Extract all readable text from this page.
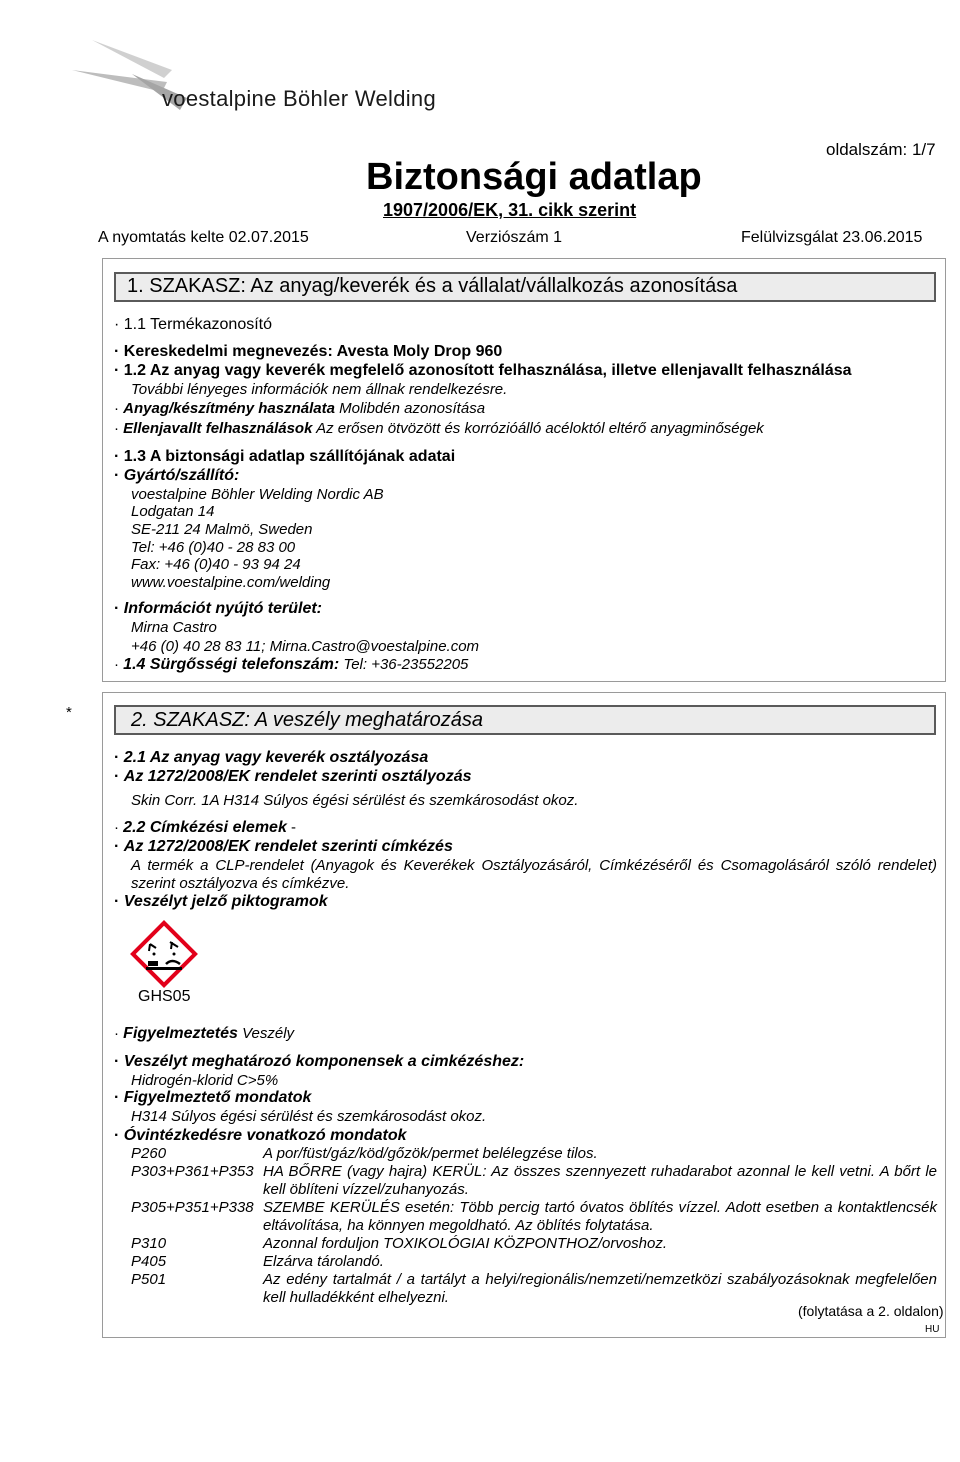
voestalpine Böhler Welding
Biztonsági adatlap
1907/2006/EK, 31. cikk szerint
oldalszám: 1/7
A nyomtatás kelte 02.07.2015	Verziószám 1	Felülvizsgálat 23.06.2015
1. SZAKASZ: Az anyag/keverék és a vállalat/vállalkozás azonosítása
· 1.1 Termékazonosító
· Kereskedelmi megnevezés: Avesta Moly Drop 960
· 1.2 Az anyag vagy keverék megfelelő azonosított felhasználása, illetve ellenjavallt felhasználása
További lényeges információk nem állnak rendelkezésre.
· Anyag/készítmény használata Molibdén azonosítása
· Ellenjavallt felhasználások Az erősen ötvözött és korrózióálló acéloktól eltérő anyagminőségek
· 1.3 A biztonsági adatlap szállítójának adatai
· Gyártó/szállító:
voestalpine Böhler Welding Nordic AB
Lodgatan 14
SE-211 24 Malmö, Sweden
Tel: +46 (0)40 - 28 83 00
Fax: +46 (0)40 - 93 94 24
www.voestalpine.com/welding
· Információt nyújtó terület:
Mirna Castro
+46 (0) 40 28 83 11; Mirna.Castro@voestalpine.com
· 1.4 Sürgősségi telefonszám: Tel: +36-23552205
*	2. SZAKASZ: A veszély meghatározása
· 2.1 Az anyag vagy keverék osztályozása
· Az 1272/2008/EK rendelet szerinti osztályozás
Skin Corr. 1A H314 Súlyos égési sérülést és szemkárosodást okoz.
· 2.2 Címkézési elemek -
· Az 1272/2008/EK rendelet szerinti címkézés
A termék a CLP-rendelet (Anyagok és Keverékek Osztályozásáról, Címkézéséről és Csomagolásáról szóló rendelet) szerint osztályozva és címkézve.
· Veszélyt jelző piktogramok
GHS05
· Figyelmeztetés Veszély
· Veszélyt meghatározó komponensek a cimkézéshez:
Hidrogén-klorid C>5%
· Figyelmeztető mondatok
H314 Súlyos égési sérülést és szemkárosodást okoz.
· Óvintézkedésre vonatkozó mondatok
P260	A por/füst/gáz/köd/gőzök/permet belélegzése tilos.
P303+P361+P353 HA BŐRRE (vagy hajra) KERÜL: Az összes szennyezett ruhadarabot azonnal le kell vetni. A bőrt le kell öblíteni vízzel/zuhanyozás.
P305+P351+P338 SZEMBE KERÜLÉS esetén: Több percig tartó óvatos öblítés vízzel. Adott esetben a kontaktlencsék eltávolítása, ha könnyen megoldható. Az öblítés folytatása.
P310	Azonnal forduljon TOXIKOLÓGIAI KÖZPONTHOZ/orvoshoz.
P405	Elzárva tárolandó.
P501	Az edény tartalmát / a tartályt a helyi/regionális/nemzeti/nemzetközi szabályozásoknak megfelelően kell hulladékként elhelyezni.
(folytatása a 2. oldalon)
HU
